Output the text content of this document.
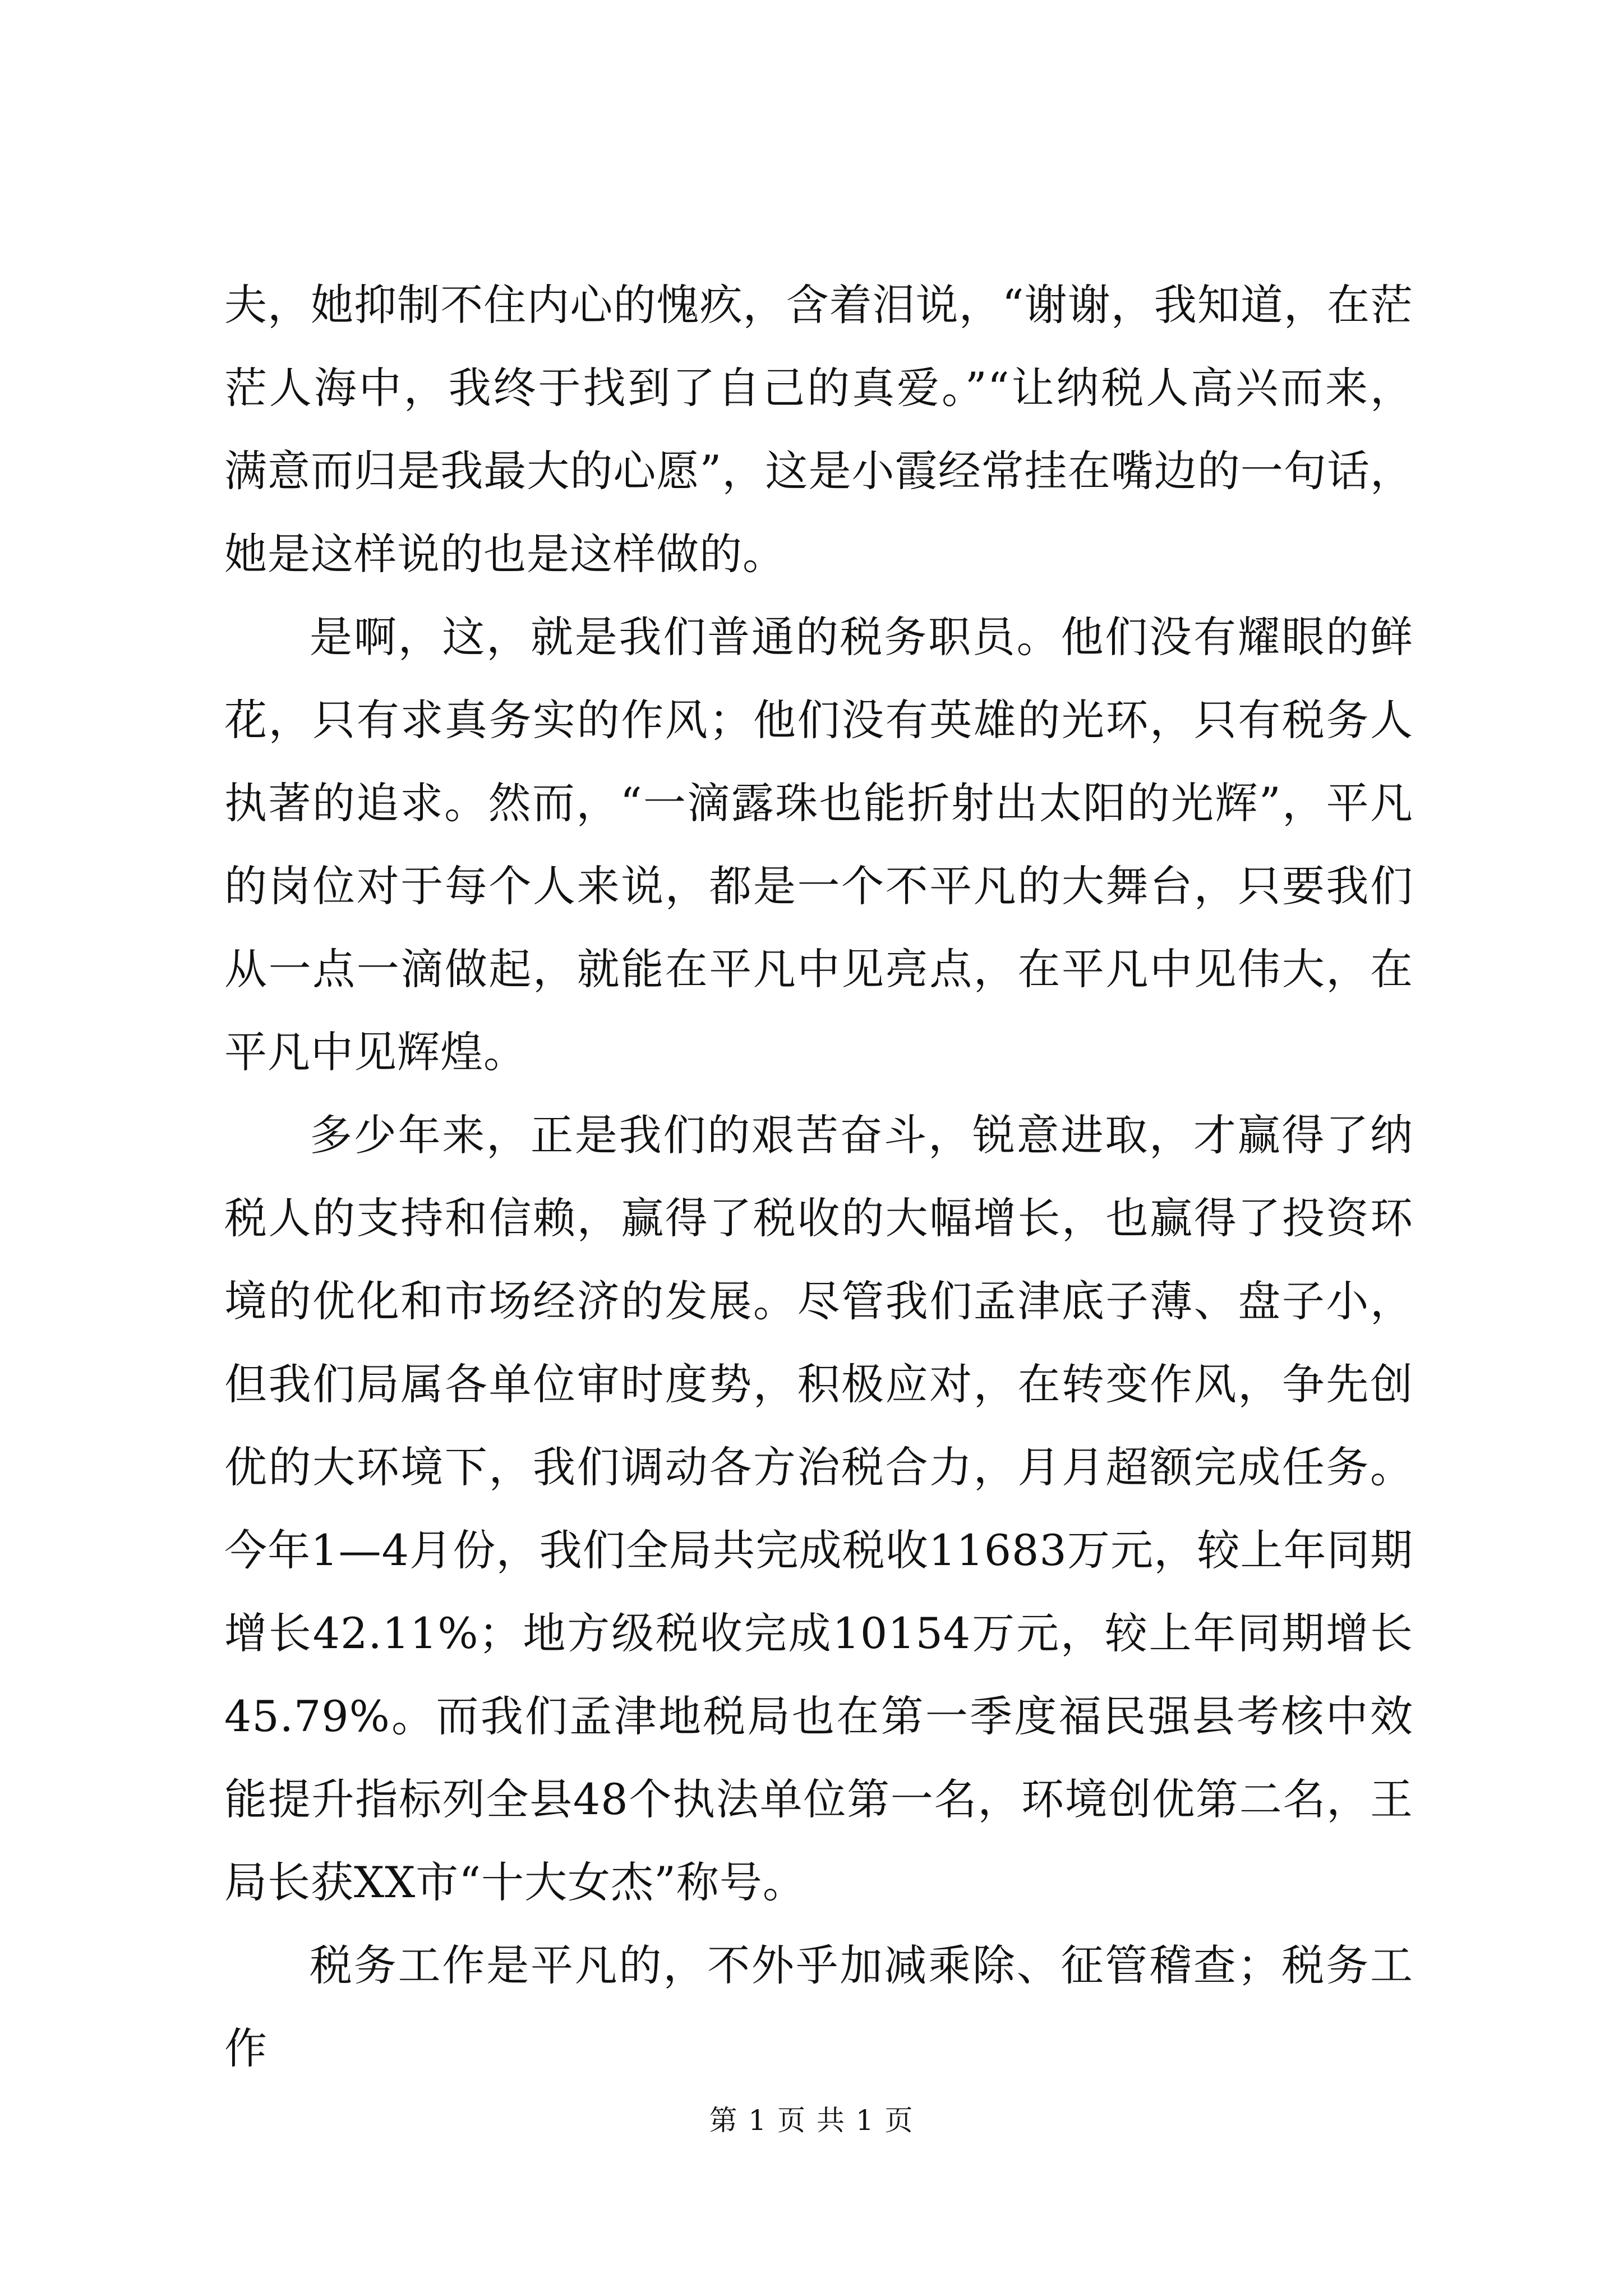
夫，她抑制不住内心的愧疚，含着泪说，“谢谢，我知道，在茫茫人海中，我终于找到了自己的真爱。”“让纳税人高兴而来，满意而归是我最大的心愿”，这是小霞经常挂在嘴边的一句话，她是这样说的也是这样做的。

是啊，这，就是我们普通的税务职员。他们没有耀眼的鲜花，只有求真务实的作风；他们没有英雄的光环，只有税务人执著的追求。然而，“一滴露珠也能折射出太阳的光辉”，平凡的岗位对于每个人来说，都是一个不平凡的大舞台，只要我们从一点一滴做起，就能在平凡中见亮点，在平凡中见伟大，在平凡中见辉煌。

多少年来，正是我们的艰苦奋斗，锐意进取，才赢得了纳税人的支持和信赖，赢得了税收的大幅增长，也赢得了投资环境的优化和市场经济的发展。尽管我们孟津底子薄、盘子小，但我们局属各单位审时度势，积极应对，在转变作风，争先创优的大环境下，我们调动各方治税合力，月月超额完成任务。今年1—4月份，我们全局共完成税收11683万元，较上年同期增长42.11%；地方级税收完成10154万元，较上年同期增长45.79%。而我们孟津地税局也在第一季度福民强县考核中效能提升指标列全县48个执法单位第一名，环境创优第二名，王局长获XX市“十大女杰”称号。

税务工作是平凡的，不外乎加减乘除、征管稽查；税务工作

第 1 页 共 1 页
